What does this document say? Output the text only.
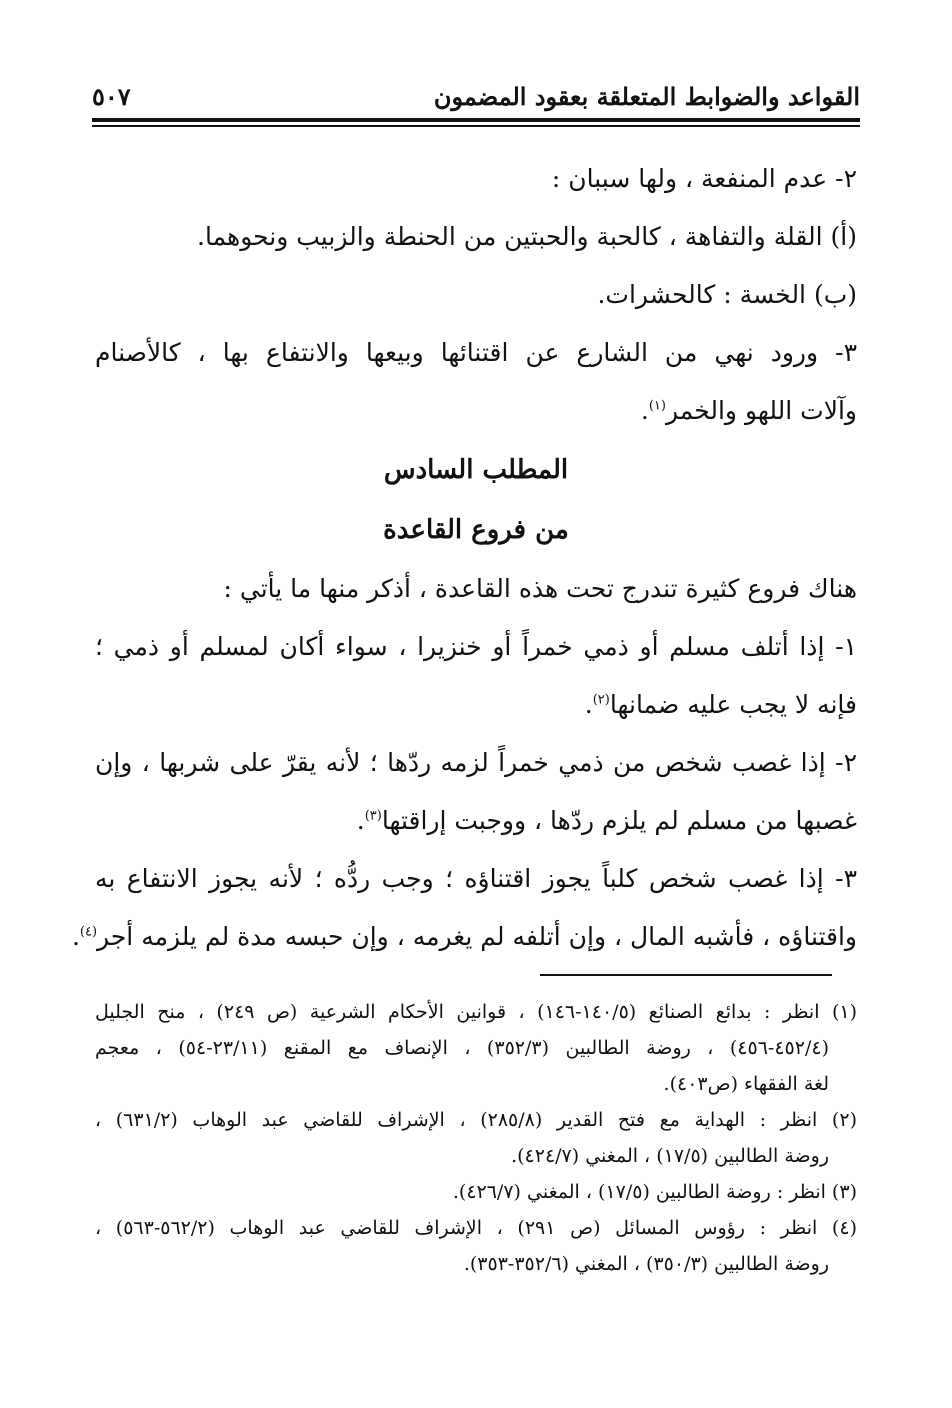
القواعد والضوابط المتعلقة بعقود المضمون
٥٠٧
٢- عدم المنفعة ، ولها سببان :
(أ) القلة والتفاهة ، كالحبة والحبتين من الحنطة والزبيب ونحوهما.
(ب) الخسة : كالحشرات.
٣- ورود نهي من الشارع عن اقتنائها وبيعها والانتفاع بها ، كالأصنام
وآلات اللهو والخمر$^{(١)}$.
المطلب السادس
من فروع القاعدة
هناك فروع كثيرة تندرج تحت هذه القاعدة ، أذكر منها ما يأتي :
١- إذا أتلف مسلم أو ذمي خمراً أو خنزيرا ، سواء أكان لمسلم أو ذمي ؛
فإنه لا يجب عليه ضمانها$^{(٢)}$.
٢- إذا غصب شخص من ذمي خمراً لزمه ردّها ؛ لأنه يقرّ على شربها ، وإن
غصبها من مسلم لم يلزم ردّها ، ووجبت إراقتها$^{(٣)}$.
٣- إذا غصب شخص كلباً يجوز اقتناؤه ؛ وجب ردُّه ؛ لأنه يجوز الانتفاع به
واقتناؤه ، فأشبه المال ، وإن أتلفه لم يغرمه ، وإن حبسه مدة لم يلزمه أجر$^{(٤)}$.
(١) انظر : بدائع الصنائع (١٤٠/٥-١٤٦) ، قوانين الأحكام الشرعية (ص ٢٤٩) ، منح الجليل
(٤٥٢/٤-٤٥٦) ، روضة الطالبين (٣٥٢/٣) ، الإنصاف مع المقنع (٢٣/١١-٥٤) ، معجم
لغة الفقهاء (ص٤٠٣).
(٢) انظر : الهداية مع فتح القدير (٢٨٥/٨) ، الإشراف للقاضي عبد الوهاب (٦٣١/٢) ،
روضة الطالبين (١٧/٥) ، المغني (٤٢٤/٧).
(٣) انظر : روضة الطالبين (١٧/٥) ، المغني (٤٢٦/٧).
(٤) انظر : رؤوس المسائل (ص ٢٩١) ، الإشراف للقاضي عبد الوهاب (٥٦٢/٢-٥٦٣) ،
روضة الطالبين (٣٥٠/٣) ، المغني (٣٥٢/٦-٣٥٣).
